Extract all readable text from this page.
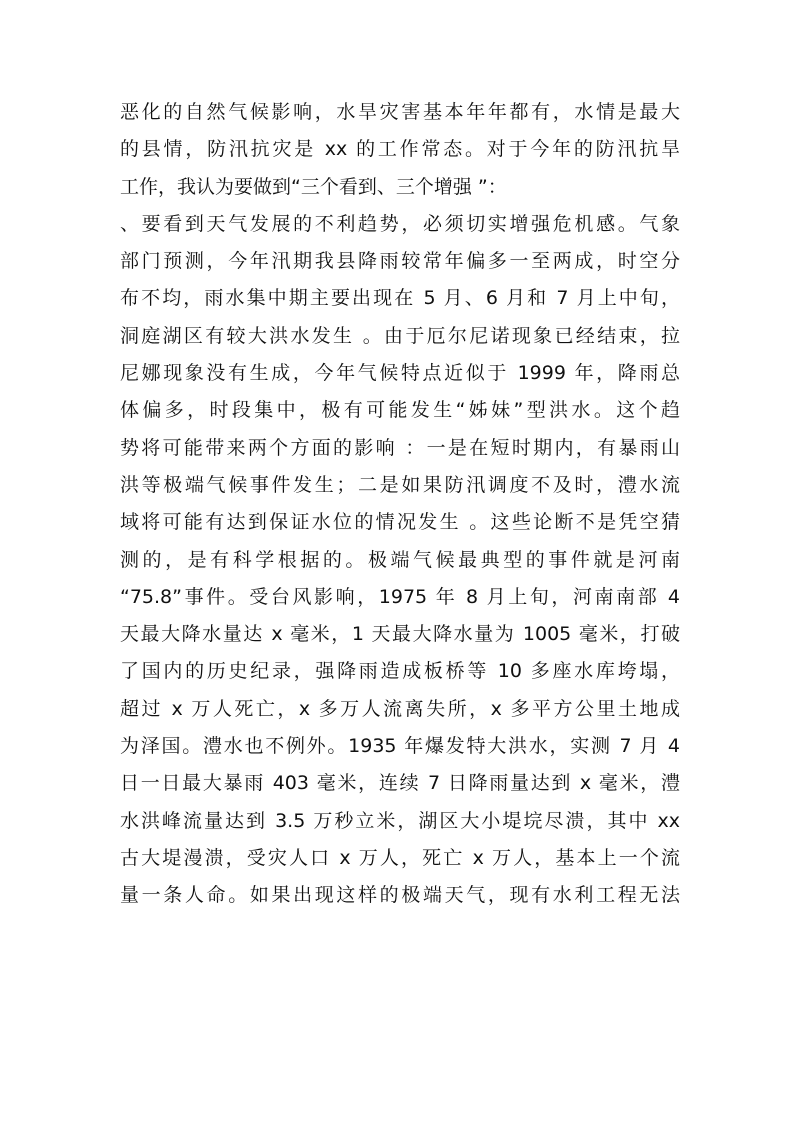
恶化的自然气候影响，水旱灾害基本年年都有，水情是最大
的县情，防汛抗灾是 xx 的工作常态。对于今年的防汛抗旱
工作，我认为要做到“三个看到、三个增强 ”：
、要看到天气发展的不利趋势，必须切实增强危机感。气象
部门预测，今年汛期我县降雨较常年偏多一至两成，时空分
布不均，雨水集中期主要出现在 5 月、6 月和 7 月上中旬，
洞庭湖区有较大洪水发生 。由于厄尔尼诺现象已经结束，拉
尼娜现象没有生成，今年气候特点近似于 1999 年，降雨总
体偏多，时段集中，极有可能发生“姊妹”型洪水。这个趋
势将可能带来两个方面的影响 ：一是在短时期内，有暴雨山
洪等极端气候事件发生；二是如果防汛调度不及时，澧水流
域将可能有达到保证水位的情况发生 。这些论断不是凭空猜
测的，是有科学根据的。极端气候最典型的事件就是河南
“75.8”事件。受台风影响，1975 年 8 月上旬，河南南部 4
天最大降水量达 x 毫米，1 天最大降水量为 1005 毫米，打破
了国内的历史纪录，强降雨造成板桥等 10 多座水库垮塌，
超过 x 万人死亡，x 多万人流离失所，x 多平方公里土地成
为泽国。澧水也不例外。1935 年爆发特大洪水，实测 7 月 4
日一日最大暴雨 403 毫米，连续 7 日降雨量达到 x 毫米，澧
水洪峰流量达到 3.5 万秒立米，湖区大小堤垸尽溃，其中 xx
古大堤漫溃，受灾人口 x 万人，死亡 x 万人，基本上一个流
量一条人命。如果出现这样的极端天气，现有水利工程无法
